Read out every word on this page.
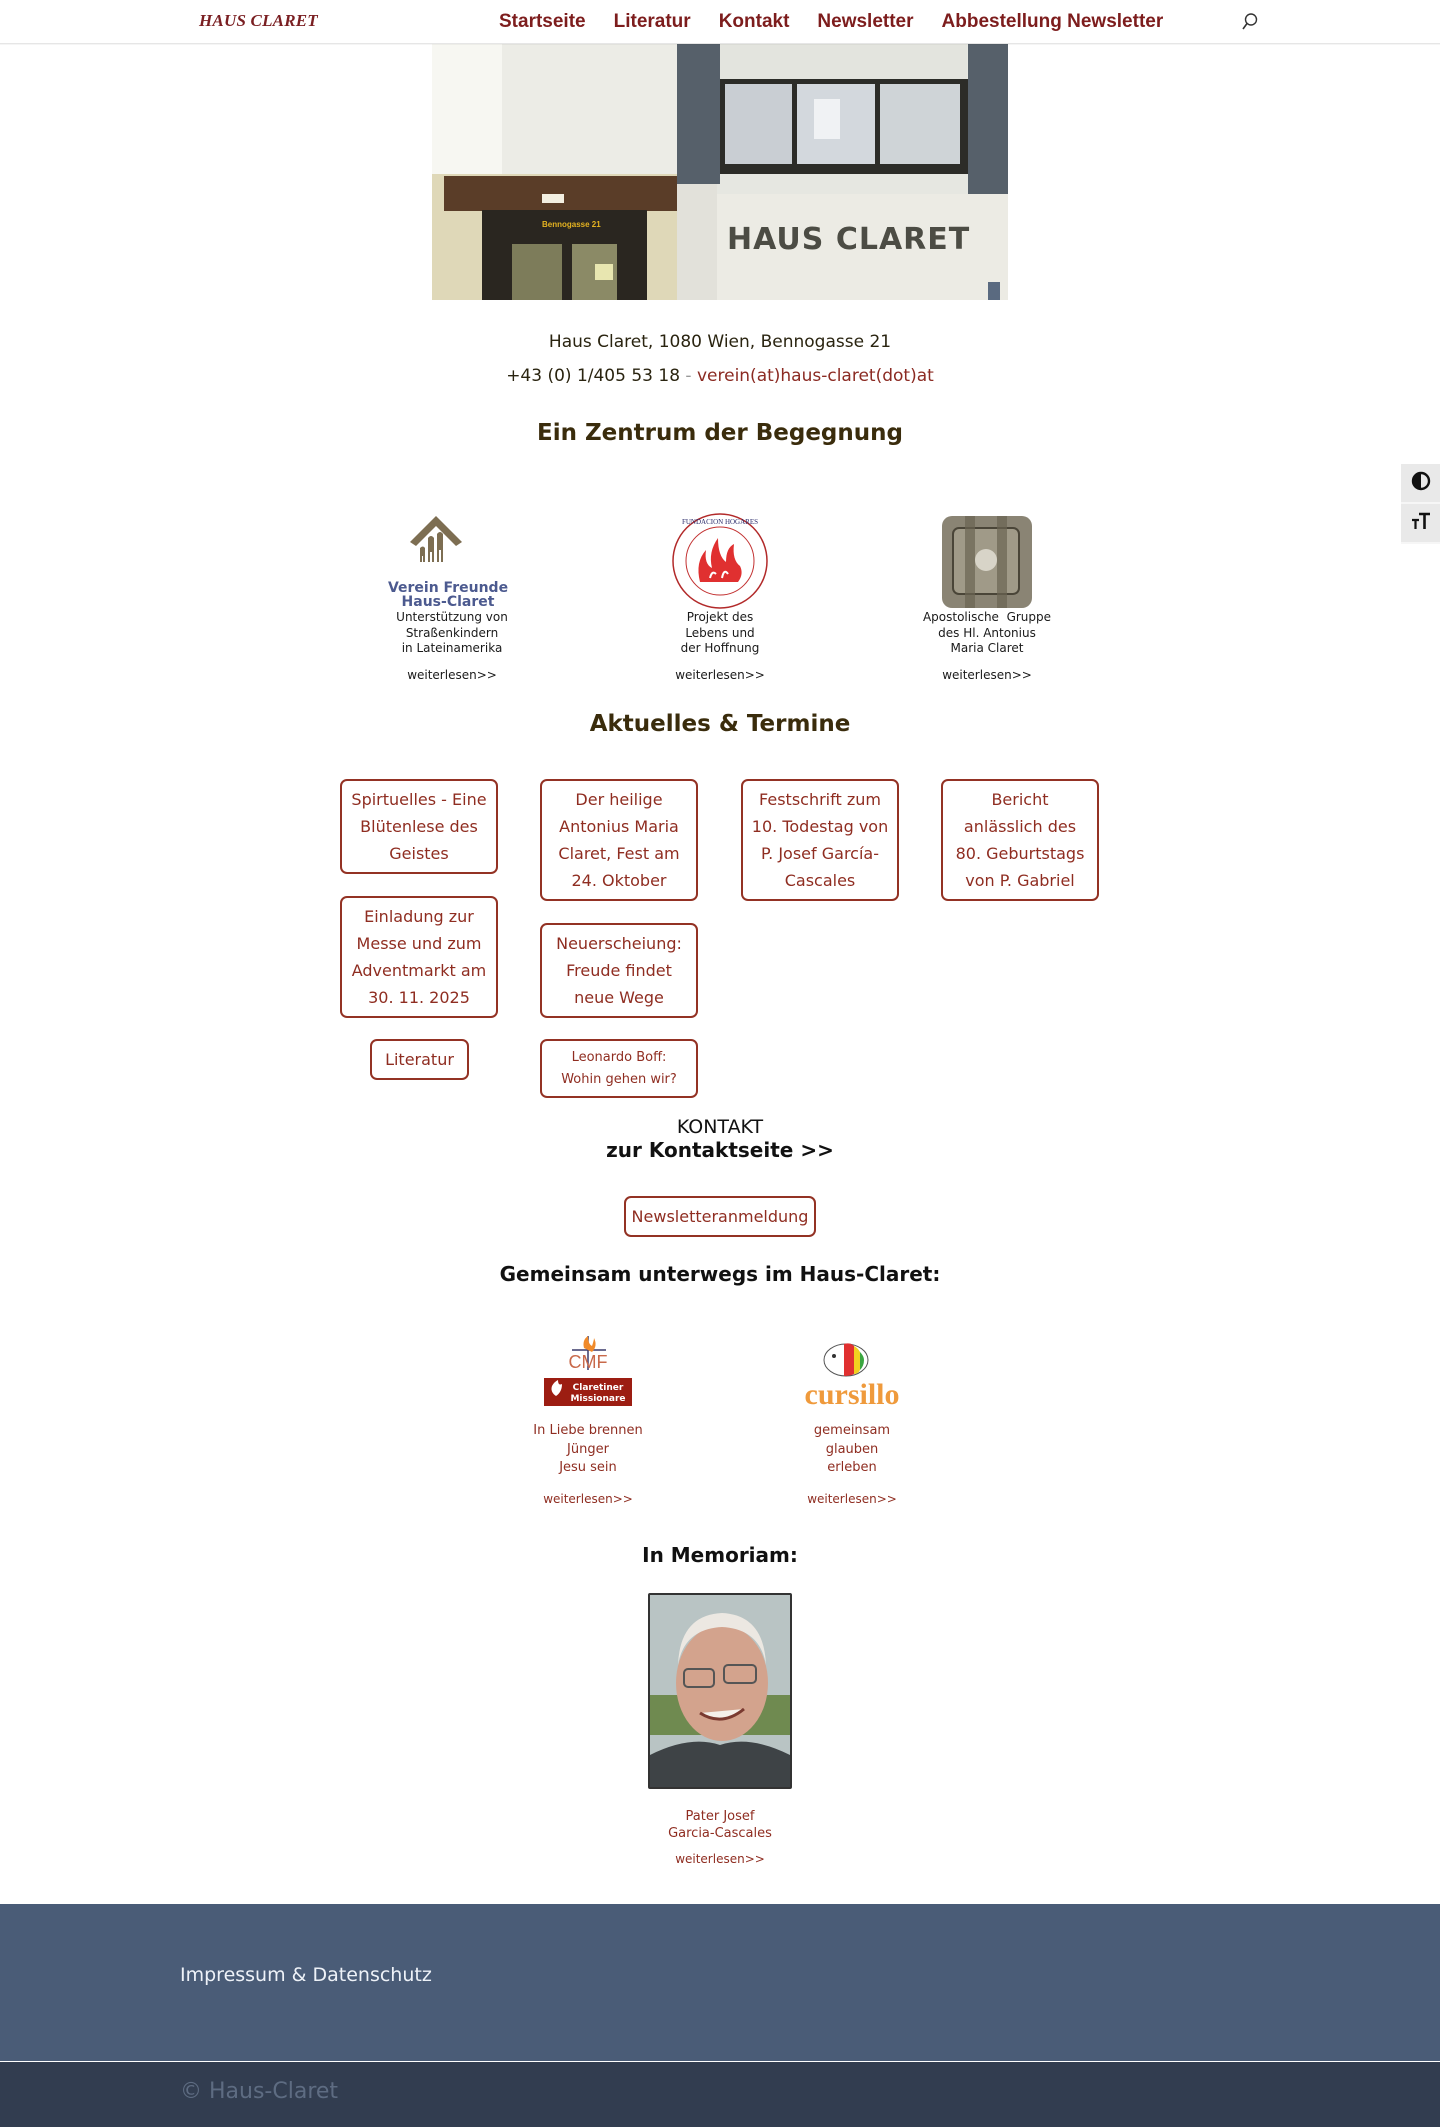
HAUS CLARET	Startseite Literatur Kontakt Newsletter Abbestellung Newsletter
Bennogasse 21	HAUS CLARET
Haus Claret, 1080 Wien, Bennogasse 21
+43 (0) 1/405 53 18 - verein(at)haus-claret(dot)at
Ein Zentrum der Begegnung
Verein Freunde
Haus-Claret
Unterstützung von
Straßenkindern
in Lateinamerika
weiterlesen>>
FUNDACION HOGARES
Projekt des
Lebens und
der Hoffnung
weiterlesen>>
Apostolische  Gruppe
des Hl. Antonius
Maria Claret
weiterlesen>>
Aktuelles & Termine
Spirtuelles - Eine
Blütenlese des
Geistes
Der heilige
Antonius Maria
Claret, Fest am
24. Oktober
Festschrift zum
10. Todestag von
P. Josef García-
Cascales
Bericht
anlässlich des
80. Geburtstags
von P. Gabriel
Einladung zur
Messe und zum
Adventmarkt am
30. 11. 2025
Neuerscheiung:
Freude findet
neue Wege
Literatur	Leonardo Boff:
Wohin gehen wir?
KONTAKT
zur Kontaktseite >>
Newsletteranmeldung
Gemeinsam unterwegs im Haus-Claret:
CMF
Claretiner
Missionare
In Liebe brennen
Jünger
Jesu sein
weiterlesen>>
cursillo
gemeinsam
glauben
erleben
weiterlesen>>
In Memoriam:
Pater Josef
Garcia-Cascales
weiterlesen>>
Impressum & Datenschutz
© Haus-Claret
